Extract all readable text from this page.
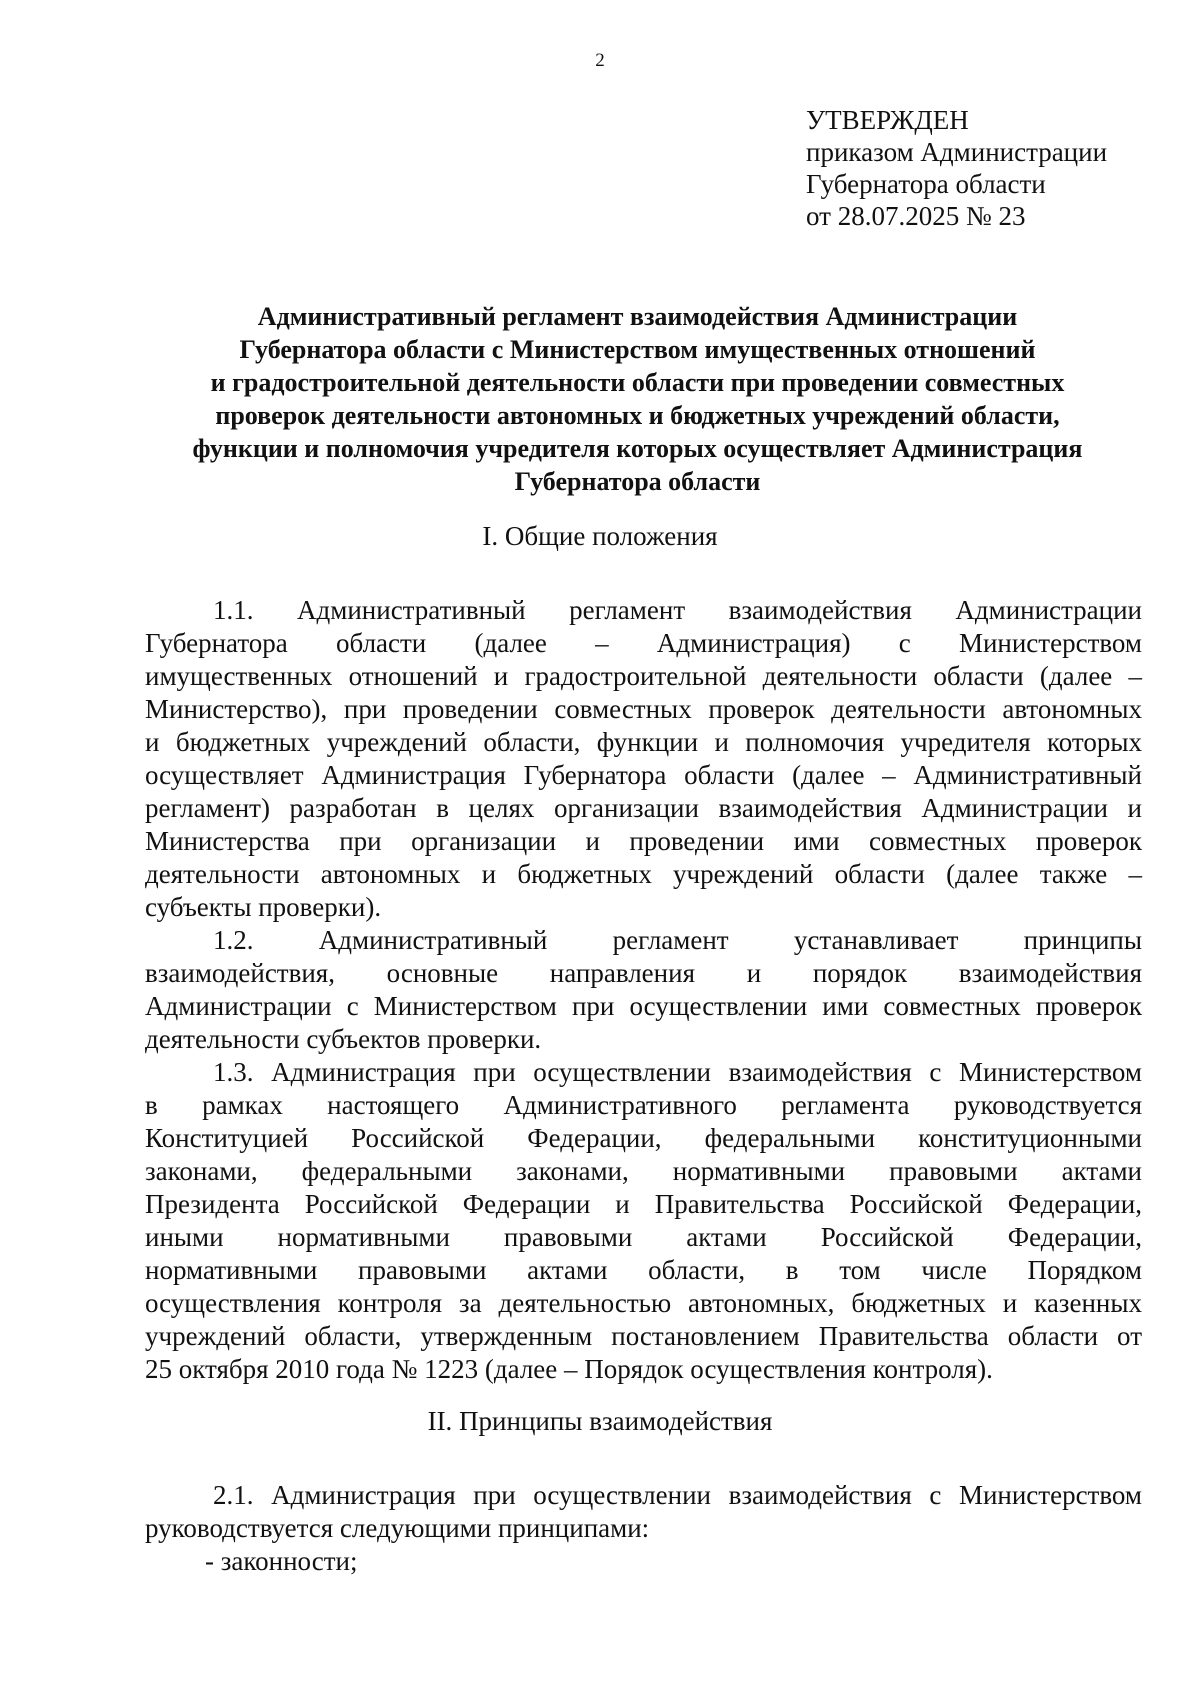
2
УТВЕРЖДЕН
приказом Администрации
Губернатора области
от 28.07.2025 № 23
Административный регламент взаимодействия Администрации
Губернатора области с Министерством имущественных отношений
и градостроительной деятельности области при проведении совместных
проверок деятельности автономных и бюджетных учреждений области,
функции и полномочия учредителя которых осуществляет Администрация
Губернатора области
I. Общие положения
1.1. Административный регламент взаимодействия Администрации
Губернатора области (далее – Администрация) с Министерством
имущественных отношений и градостроительной деятельности области (далее –
Министерство), при проведении совместных проверок деятельности автономных
и бюджетных учреждений области, функции и полномочия учредителя которых
осуществляет Администрация Губернатора области (далее – Административный
регламент) разработан в целях организации взаимодействия Администрации и
Министерства при организации и проведении ими совместных проверок
деятельности автономных и бюджетных учреждений области (далее также –
субъекты проверки).
1.2. Административный регламент устанавливает принципы
взаимодействия, основные направления и порядок взаимодействия
Администрации с Министерством при осуществлении ими совместных проверок
деятельности субъектов проверки.
1.3. Администрация при осуществлении взаимодействия с Министерством
в рамках настоящего Административного регламента руководствуется
Конституцией Российской Федерации, федеральными конституционными
законами, федеральными законами, нормативными правовыми актами
Президента Российской Федерации и Правительства Российской Федерации,
иными нормативными правовыми актами Российской Федерации,
нормативными правовыми актами области, в том числе Порядком
осуществления контроля за деятельностью автономных, бюджетных и казенных
учреждений области, утвержденным постановлением Правительства области от
25 октября 2010 года № 1223 (далее – Порядок осуществления контроля).
II. Принципы взаимодействия
2.1. Администрация при осуществлении взаимодействия с Министерством
руководствуется следующими принципами:
- законности;
